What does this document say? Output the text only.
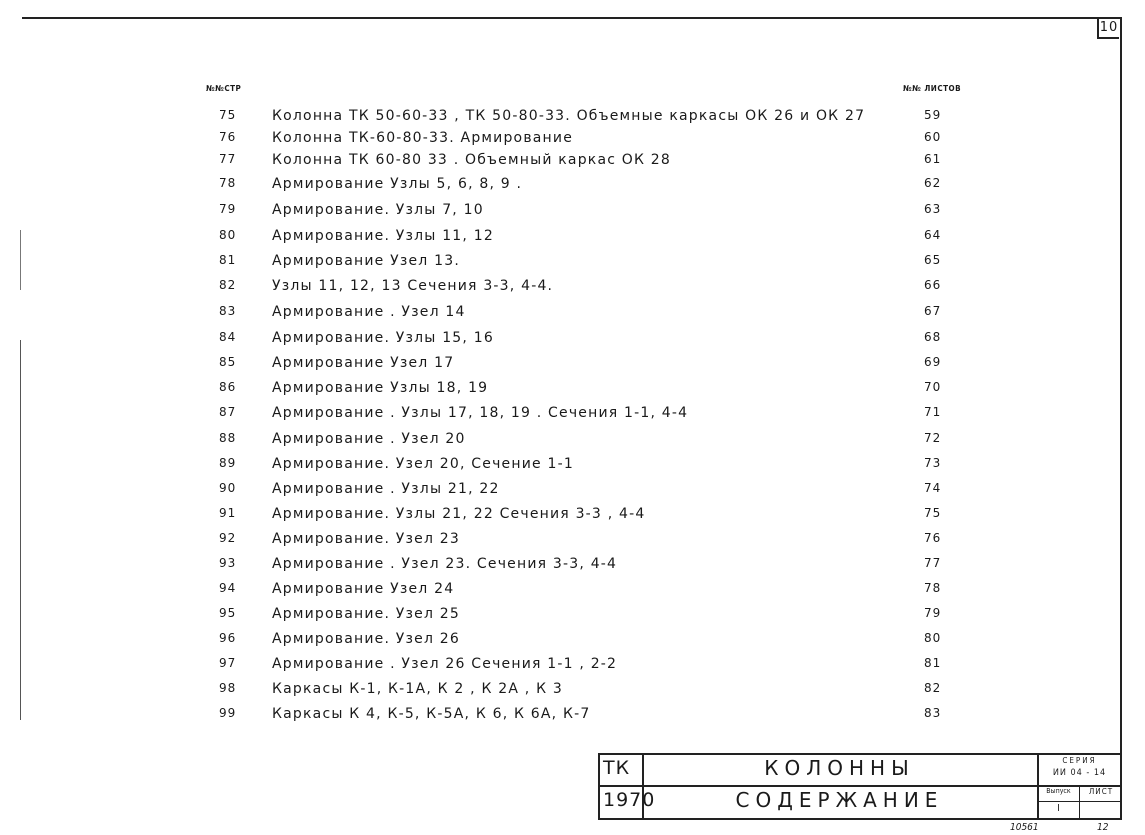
10
№№СТР	№№ ЛИСТОВ
75	Колонна ТК 50-60-33 , ТК 50-80-33. Объемные каркасы ОК 26 и ОК 27	59
76	Колонна ТК-60-80-33. Армирование	60
77	Колонна ТК 60-80 33 . Объемный каркас ОК 28	61
78	Армирование Узлы 5, 6, 8, 9 .	62
79	Армирование. Узлы 7, 10	63
80	Армирование. Узлы 11, 12	64
81	Армирование Узел 13.	65
82	Узлы 11, 12, 13 Сечения 3-3, 4-4.	66
83	Армирование . Узел 14	67
84	Армирование. Узлы 15, 16	68
85	Армирование Узел 17	69
86	Армирование Узлы 18, 19	70
87	Армирование . Узлы 17, 18, 19 . Сечения 1-1, 4-4	71
88	Армирование . Узел 20	72
89	Армирование. Узел 20, Сечение 1-1	73
90	Армирование . Узлы 21, 22	74
91	Армирование. Узлы 21, 22 Сечения 3-3 , 4-4	75
92	Армирование. Узел 23	76
93	Армирование . Узел 23. Сечения 3-3, 4-4	77
94	Армирование Узел 24	78
95	Армирование. Узел 25	79
96	Армирование. Узел 26	80
97	Армирование . Узел 26 Сечения 1-1 , 2-2	81
98	Каркасы К-1, К-1А, К 2 , К 2А , К 3	82
99	Каркасы К 4, К-5, К-5А, К 6, К 6А, К-7	83
ТК
1970
КОЛОННЫ
СОДЕРЖАНИЕ
СЕРИЯ
ИИ 04 - 14
Выпуск	ЛИСТ
I
10561	12
